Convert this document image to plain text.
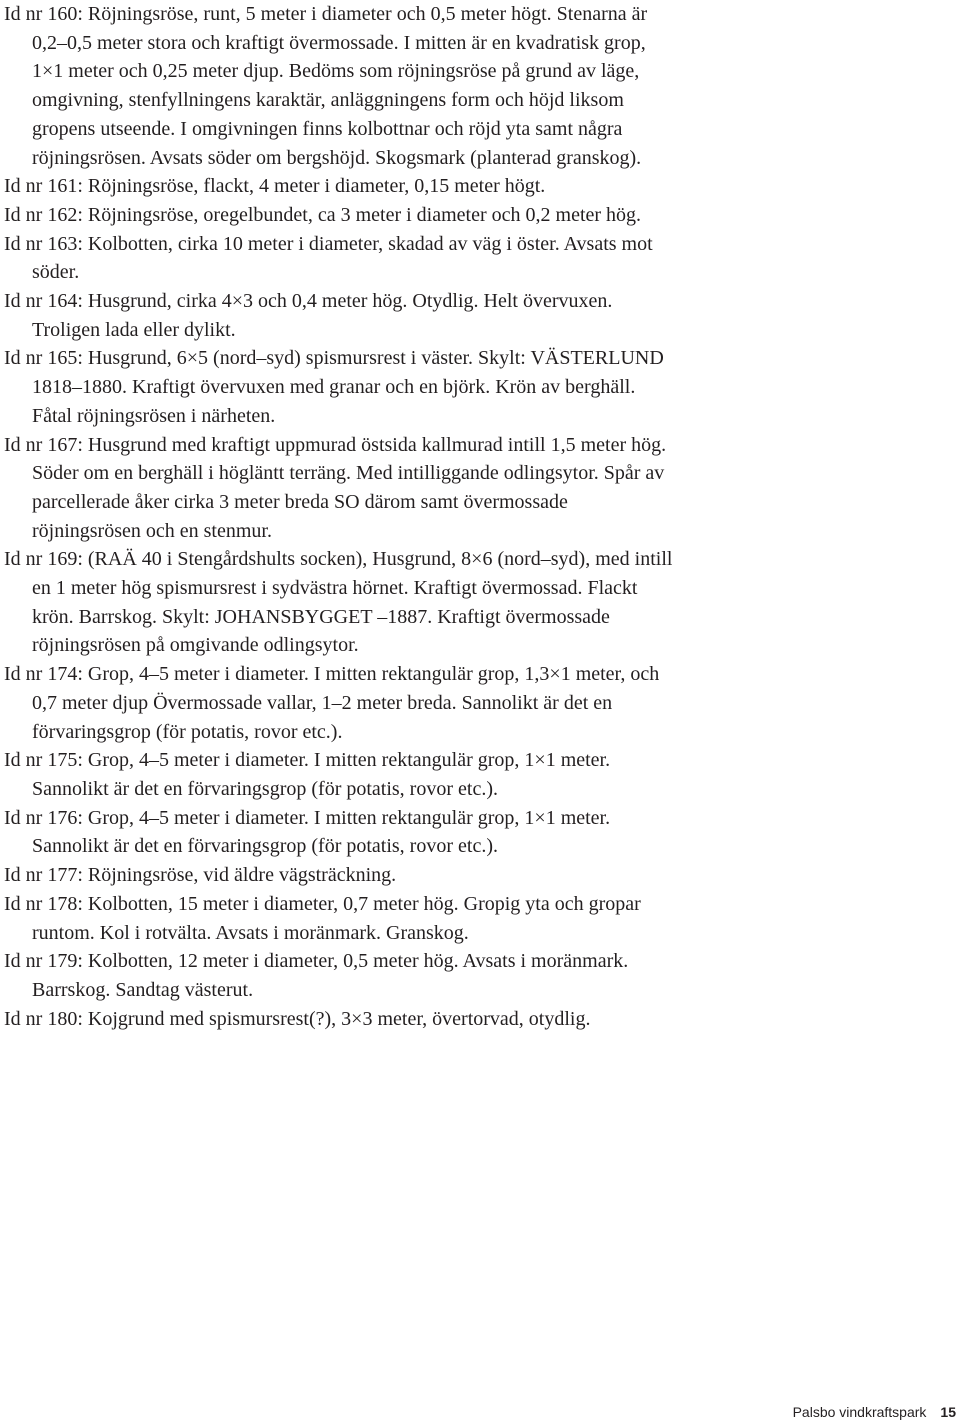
Id nr 160: Röjningsröse, runt, 5 meter i diameter och 0,5 meter högt. Stenarna är 0,2–0,5 meter stora och kraftigt övermossade. I mitten är en kvadratisk grop, 1×1 meter och 0,25 meter djup. Bedöms som röjningsröse på grund av läge, omgivning, stenfyllningens karaktär, anläggningens form och höjd liksom gropens utseende. I omgivningen finns kolbottnar och röjd yta samt några röjningsrösen. Avsats söder om bergshöjd. Skogsmark (planterad granskog).
Id nr 161: Röjningsröse, flackt, 4 meter i diameter, 0,15 meter högt.
Id nr 162: Röjningsröse, oregelbundet, ca 3 meter i diameter och 0,2 meter hög.
Id nr 163: Kolbotten, cirka 10 meter i diameter, skadad av väg i öster. Avsats mot söder.
Id nr 164: Husgrund, cirka 4×3 och 0,4 meter hög. Otydlig. Helt övervuxen. Troligen lada eller dylikt.
Id nr 165: Husgrund, 6×5 (nord–syd) spismursrest i väster. Skylt: VÄSTERLUND 1818–1880. Kraftigt övervuxen med granar och en björk. Krön av berghäll. Fåtal röjningsrösen i närheten.
Id nr 167: Husgrund med kraftigt uppmurad östsida kallmurad intill 1,5 meter hög. Söder om en berghäll i högläntt terräng. Med intilliggande odlingsytor. Spår av parcellerade åker cirka 3 meter breda SO därom samt övermossade röjningsrösen och en stenmur.
Id nr 169: (RAÄ 40 i Stengårdshults socken), Husgrund, 8×6 (nord–syd), med intill en 1 meter hög spismursrest i sydvästra hörnet. Kraftigt övermossad. Flackt krön. Barrskog. Skylt: JOHANSBYGGET –1887. Kraftigt övermossade röjningsrösen på omgivande odlingsytor.
Id nr 174: Grop, 4–5 meter i diameter. I mitten rektangulär grop, 1,3×1 meter, och 0,7 meter djup Övermossade vallar, 1–2 meter breda. Sannolikt är det en förvaringsgrop (för potatis, rovor etc.).
Id nr 175: Grop, 4–5 meter i diameter. I mitten rektangulär grop, 1×1 meter. Sannolikt är det en förvaringsgrop (för potatis, rovor etc.).
Id nr 176: Grop, 4–5 meter i diameter. I mitten rektangulär grop, 1×1 meter. Sannolikt är det en förvaringsgrop (för potatis, rovor etc.).
Id nr 177: Röjningsröse, vid äldre vägsträckning.
Id nr 178: Kolbotten, 15 meter i diameter, 0,7 meter hög. Gropig yta och gropar runtom. Kol i rotvälta. Avsats i moränmark. Granskog.
Id nr 179: Kolbotten, 12 meter i diameter, 0,5 meter hög. Avsats i moränmark. Barrskog. Sandtag västerut.
Id nr 180: Kojgrund med spismursrest(?), 3×3 meter, övertorvad, otydlig.
Palsbo vindkraftspark 15
